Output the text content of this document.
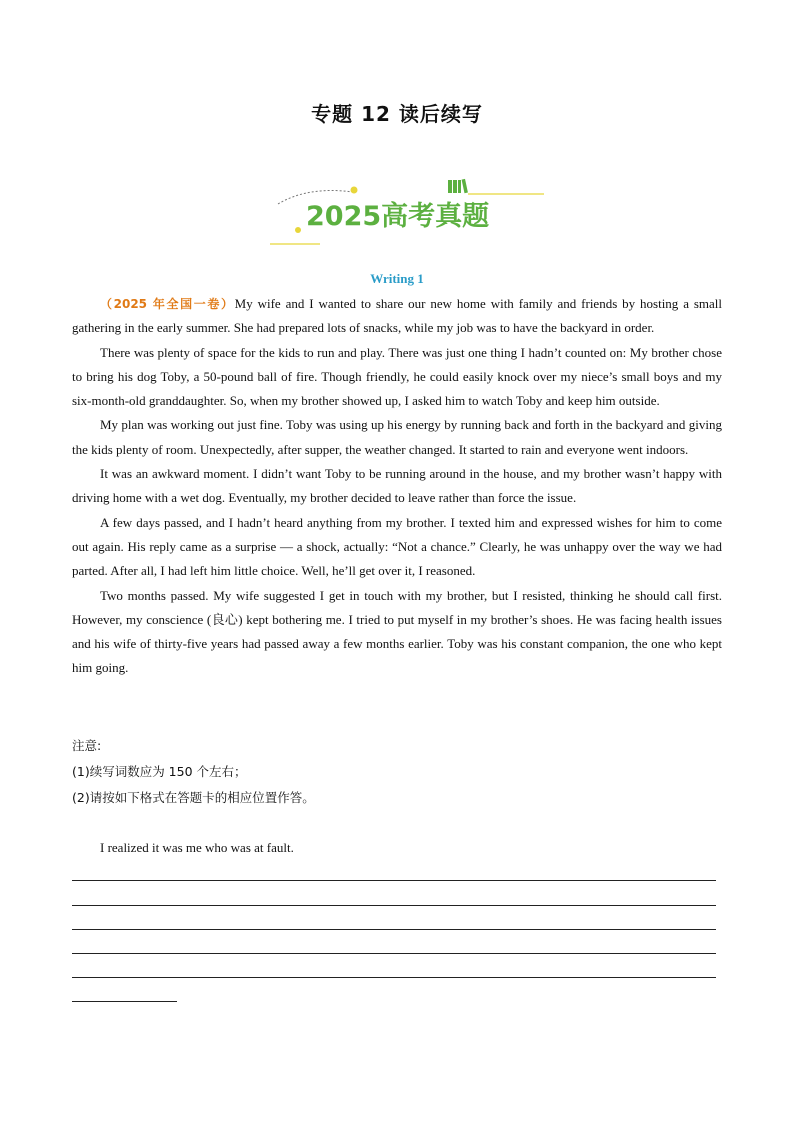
专题 12 读后续写
2025高考真题
Writing 1

（2025 年全国一卷）My wife and I wanted to share our new home with family and friends by hosting a small gathering in the early summer. She had prepared lots of snacks, while my job was to have the backyard in order.

There was plenty of space for the kids to run and play. There was just one thing I hadn’t counted on: My brother chose to bring his dog Toby, a 50-pound ball of fire. Though friendly, he could easily knock over my niece’s small boys and my six-month-old granddaughter. So, when my brother showed up, I asked him to watch Toby and keep him outside.

My plan was working out just fine. Toby was using up his energy by running back and forth in the backyard and giving the kids plenty of room. Unexpectedly, after supper, the weather changed. It started to rain and everyone went indoors.

It was an awkward moment. I didn’t want Toby to be running around in the house, and my brother wasn’t happy with driving home with a wet dog. Eventually, my brother decided to leave rather than force the issue.

A few days passed, and I hadn’t heard anything from my brother. I texted him and expressed wishes for him to come out again. His reply came as a surprise — a shock, actually: “Not a chance.” Clearly, he was unhappy over the way we had parted. After all, I had left him little choice. Well, he’ll get over it, I reasoned.

Two months passed. My wife suggested I get in touch with my brother, but I resisted, thinking he should call first. However, my conscience (良心) kept bothering me. I tried to put myself in my brother’s shoes. He was facing health issues and his wife of thirty-five years had passed away a few months earlier. Toby was his constant companion, the one who kept him going.

注意:
(1)续写词数应为 150 个左右；
(2)请按如下格式在答题卡的相应位置作答。
I realized it was me who was at fault.
